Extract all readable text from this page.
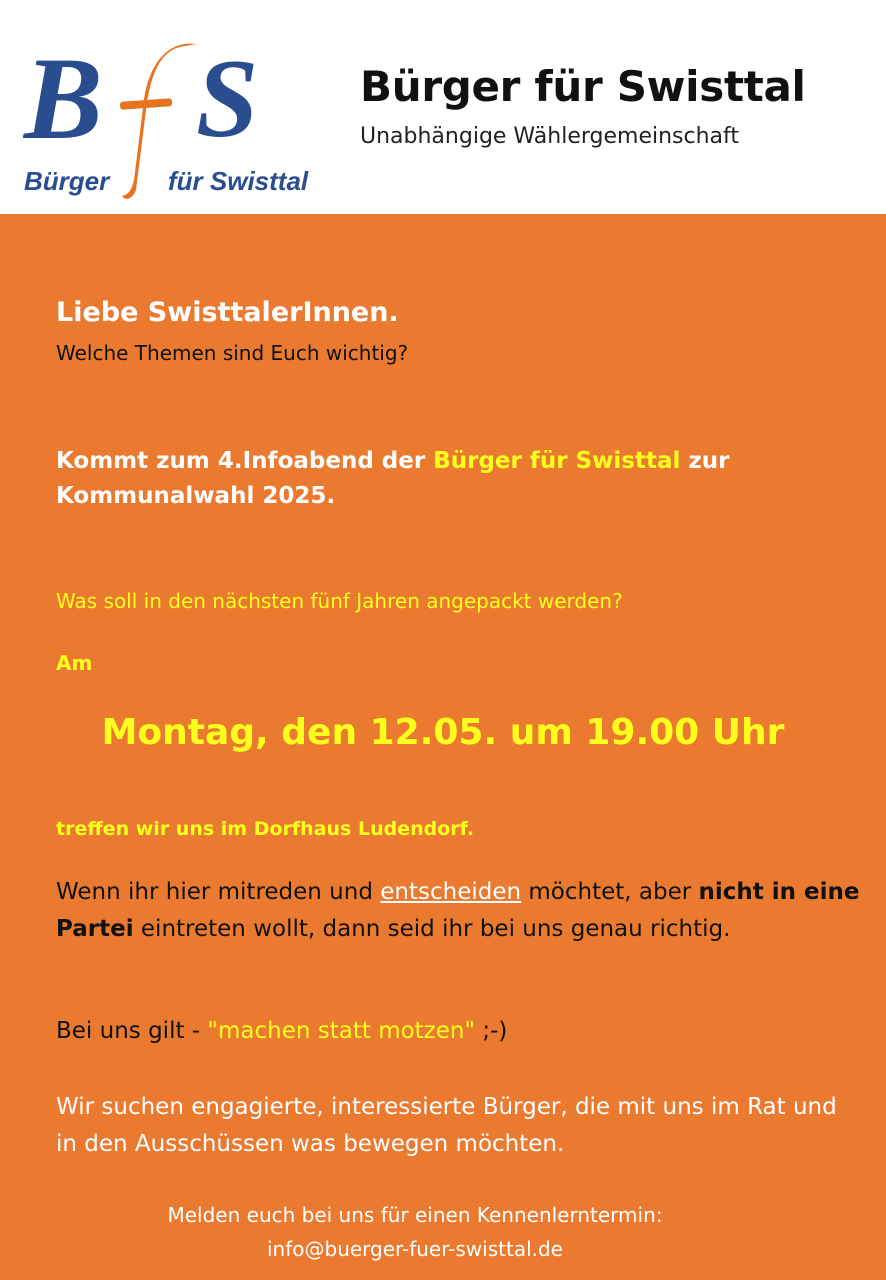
B S
Bürger für Swisttal
Bürger für Swisttal
Unabhängige Wählergemeinschaft
Liebe SwisttalerInnen.
Welche Themen sind Euch wichtig?
Kommt zum 4.Infoabend der Bürger für Swisttal zur Kommunalwahl 2025.
Was soll in den nächsten fünf Jahren angepackt werden?
Am
Montag, den 12.05. um 19.00 Uhr
treffen wir uns im Dorfhaus Ludendorf.
Wenn ihr hier mitreden und entscheiden möchtet, aber nicht in eine Partei eintreten wollt, dann seid ihr bei uns genau richtig.
Bei uns gilt - "machen statt motzen" ;-)
Wir suchen engagierte, interessierte Bürger, die mit uns im Rat und in den Ausschüssen was bewegen möchten.
Melden euch bei uns für einen Kennenlerntermin:
info@buerger-fuer-swisttal.de
